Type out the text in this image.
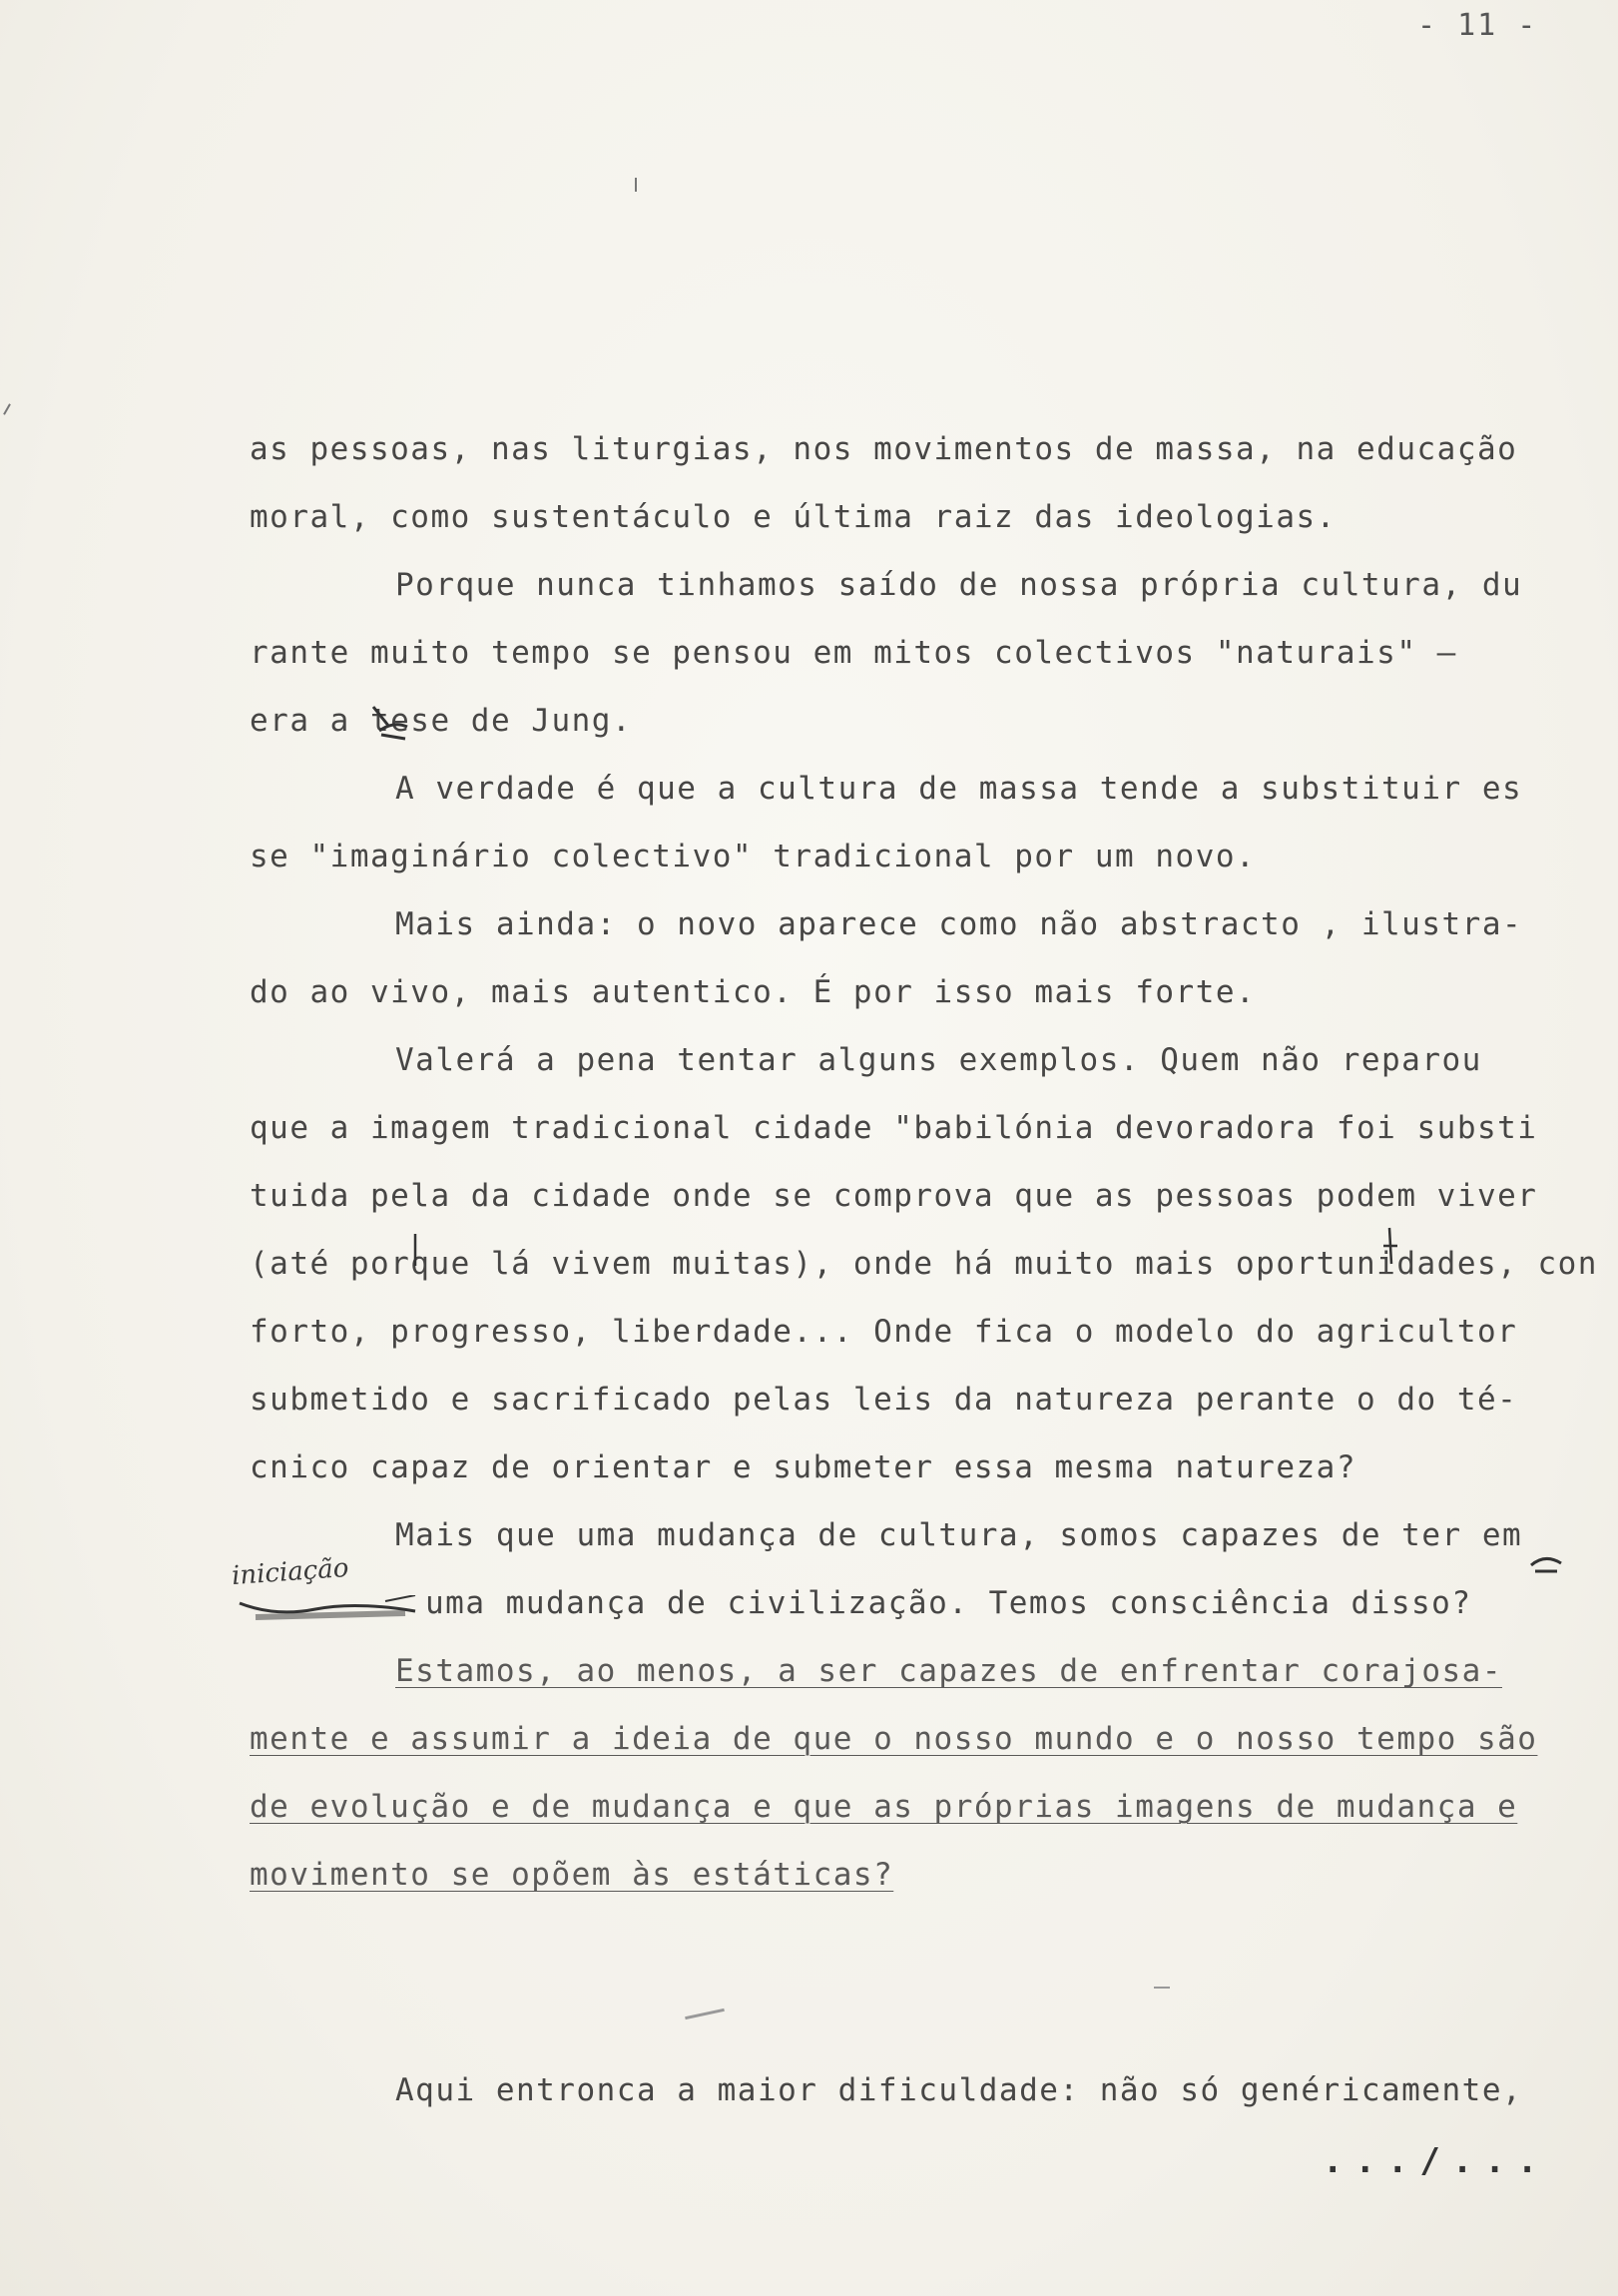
- 11 -
as pessoas, nas liturgias, nos movimentos de massa, na educação
moral, como sustentáculo e última raiz das ideologias.
Porque nunca tinhamos saído de nossa própria cultura, du
rante muito tempo se pensou em mitos colectivos "naturais" —
era a tese de Jung.
A verdade é que a cultura de massa tende a substituir es
se "imaginário colectivo" tradicional por um novo.
Mais ainda: o novo aparece como não abstracto , ilustra-
do ao vivo, mais autentico. É por isso mais forte.
Valerá a pena tentar alguns exemplos. Quem não reparou
que a imagem tradicional cidade "babilónia devoradora foi substi
tuida pela da cidade onde se comprova que as pessoas podem viver
(até porque lá vivem muitas), onde há muito mais oportunidades, con
forto, progresso, liberdade... Onde fica o modelo do agricultor
submetido e sacrificado pelas leis da natureza perante o do té-
cnico capaz de orientar e submeter essa mesma natureza?
Mais que uma mudança de cultura, somos capazes de ter em
uma mudança de civilização. Temos consciência disso?
Estamos, ao menos, a ser capazes de enfrentar corajosa-
mente e assumir a ideia de que o nosso mundo e o nosso tempo são
de evolução e de mudança e que as próprias imagens de mudança e
movimento se opõem às estáticas?
Aqui entronca a maior dificuldade: não só genéricamente,
iniciação
.../...
